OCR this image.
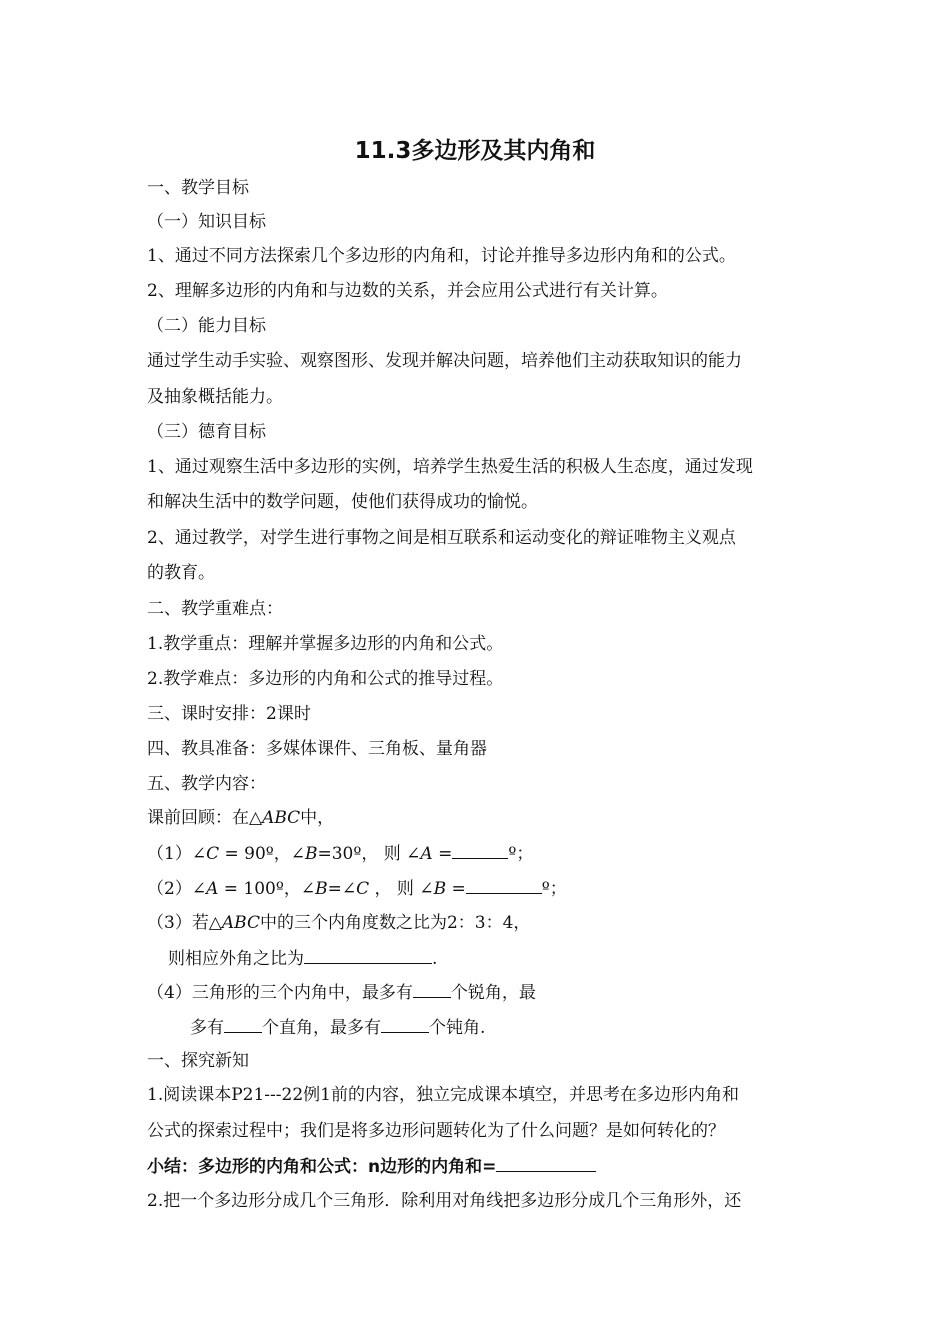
11.3多边形及其内角和
一、教学目标
（一）知识目标
1、通过不同方法探索几个多边形的内角和，讨论并推导多边形内角和的公式。
2、理解多边形的内角和与边数的关系，并会应用公式进行有关计算。
（二）能力目标
通过学生动手实验、观察图形、发现并解决问题，培养他们主动获取知识的能力
及抽象概括能力。
（三）德育目标
1、通过观察生活中多边形的实例，培养学生热爱生活的积极人生态度，通过发现
和解决生活中的数学问题，使他们获得成功的愉悦。
2、通过教学，对学生进行事物之间是相互联系和运动变化的辩证唯物主义观点
的教育。
二、教学重难点：
1.教学重点：理解并掌握多边形的内角和公式。
2.教学难点：多边形的内角和公式的推导过程。
三、课时安排：2课时
四、教具准备：多媒体课件、三角板、量角器
五、教学内容：
课前回顾：在△ABC中，
（1）∠C = 90º，∠B=30º， 则 ∠A =	º；
（2）∠A = 100º，∠B=∠C ， 则 ∠B =	º；
（3）若△ABC中的三个内角度数之比为2：3：4，
则相应外角之比为	.
（4）三角形的三个内角中，最多有 个锐角，最
多有 个直角，最多有	个钝角.
一、探究新知
1.阅读课本P21---22例1前的内容，独立完成课本填空，并思考在多边形内角和
公式的探索过程中；我们是将多边形问题转化为了什么问题？是如何转化的？
小结：多边形的内角和公式：n边形的内角和=
2.把一个多边形分成几个三角形．除利用对角线把多边形分成几个三角形外，还
